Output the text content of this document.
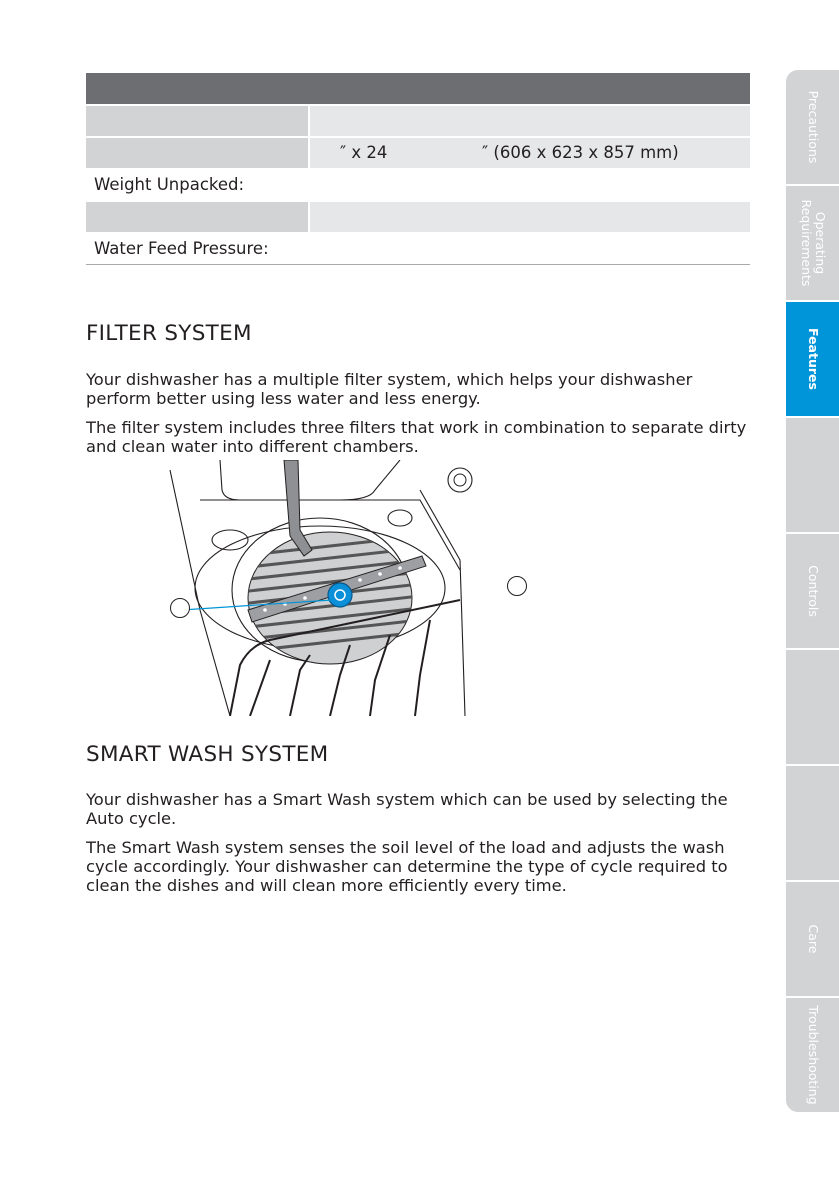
″ x 24	″ (606 x 623 x 857 mm)
Weight Unpacked:
Water Feed Pressure:
FILTER SYSTEM

Your dishwasher has a multiple filter system, which helps your dishwasher perform better using less water and less energy.

The filter system includes three filters that work in combination to separate dirty and clean water into different chambers.

SMART WASH SYSTEM

Your dishwasher has a Smart Wash system which can be used by selecting the Auto cycle.

The Smart Wash system senses the soil level of the load and adjusts the wash cycle accordingly. Your dishwasher can determine the type of cycle required to clean the dishes and will clean more efficiently every time.

Precautions
Operating
Requirements
Features
Controls
Care
Troubleshooting
